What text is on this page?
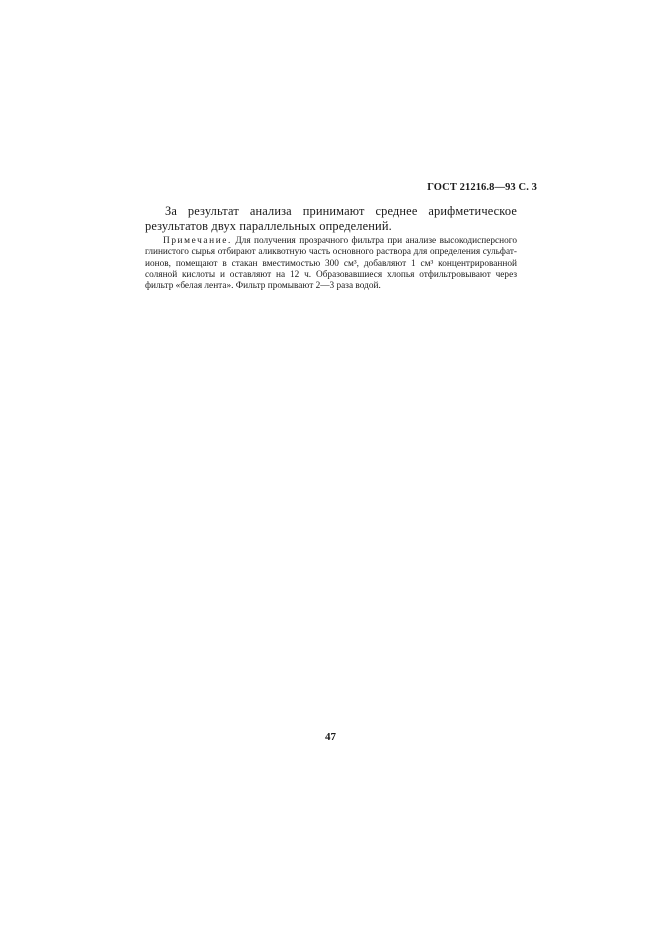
ГОСТ 21216.8—93 С. 3

За результат анализа принимают среднее арифметическое результатов двух параллельных определений.

Примечание. Для получения прозрачного фильтра при анализе высокодисперсного глинистого сырья отбирают аликвотную часть основного раствора для определения сульфат-ионов, помещают в стакан вместимостью 300 см³, добавляют 1 см³ концентрированной соляной кислоты и оставляют на 12 ч. Образовавшиеся хлопья отфильтровывают через фильтр «белая лента». Фильтр промывают 2—3 раза водой.

47
